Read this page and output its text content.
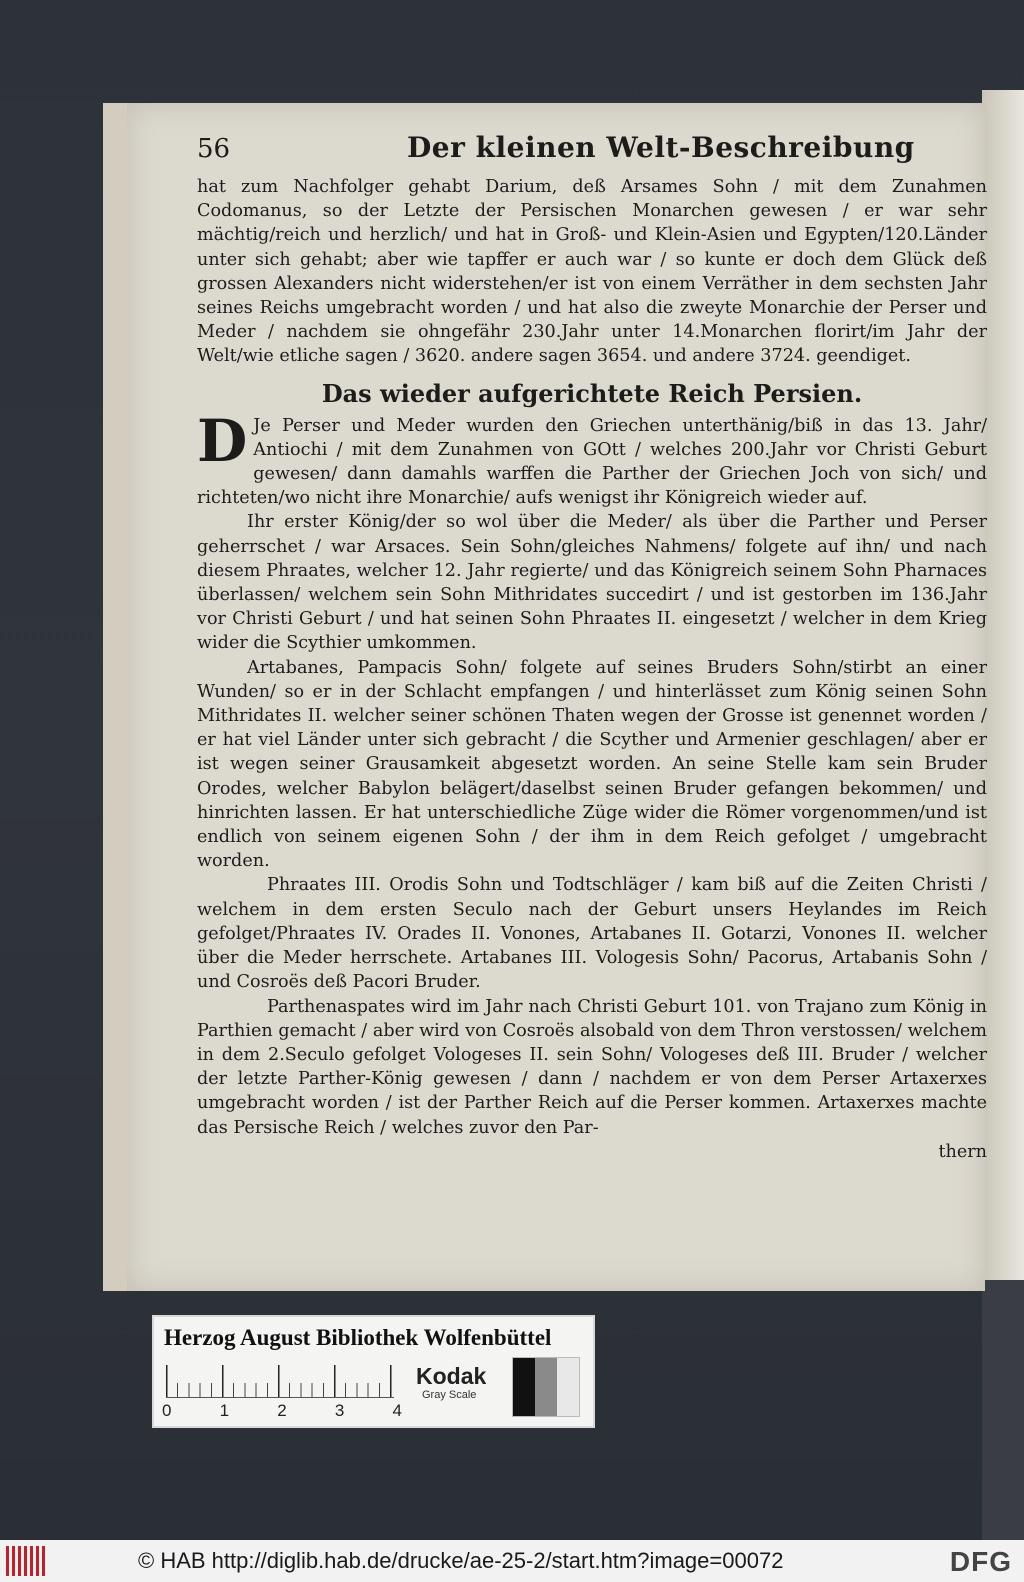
56	Der kleinen Welt-Beschreibung

hat zum Nachfolger gehabt Darium, deß Arsames Sohn / mit dem Zunahmen Codomanus, so der Letzte der Persischen Monarchen gewesen / er war sehr mächtig/reich und herzlich/ und hat in Groß- und Klein-Asien und Egypten/120.Länder unter sich gehabt; aber wie tapffer er auch war / so kunte er doch dem Glück deß grossen Alexanders nicht widerstehen/er ist von einem Verräther in dem sechsten Jahr seines Reichs umgebracht worden / und hat also die zweyte Monarchie der Perser und Meder / nachdem sie ohngefähr 230.Jahr unter 14.Monarchen florirt/im Jahr der Welt/wie etliche sagen / 3620. andere sagen 3654. und andere 3724. geendiget.

Das wieder aufgerichtete Reich Persien.

D Je Perser und Meder wurden den Griechen unterthänig/biß in das 13. Jahr/ Antiochi / mit dem Zunahmen von GOtt / welches 200.Jahr vor Christi Geburt gewesen/ dann damahls warffen die Parther der Griechen Joch von sich/ und richteten/wo nicht ihre Monarchie/ aufs wenigst ihr Königreich wieder auf.

Ihr erster König/der so wol über die Meder/ als über die Parther und Perser geherrschet / war Arsaces. Sein Sohn/gleiches Nahmens/ folgete auf ihn/ und nach diesem Phraates, welcher 12. Jahr regierte/ und das Königreich seinem Sohn Pharnaces überlassen/ welchem sein Sohn Mithridates succedirt / und ist gestorben im 136.Jahr vor Christi Geburt / und hat seinen Sohn Phraates II. eingesetzt / welcher in dem Krieg wider die Scythier umkommen.

Artabanes, Pampacis Sohn/ folgete auf seines Bruders Sohn/stirbt an einer Wunden/ so er in der Schlacht empfangen / und hinterlässet zum König seinen Sohn Mithridates II. welcher seiner schönen Thaten wegen der Grosse ist genennet worden / er hat viel Länder unter sich gebracht / die Scyther und Armenier geschlagen/ aber er ist wegen seiner Grausamkeit abgesetzt worden. An seine Stelle kam sein Bruder Orodes, welcher Babylon belägert/daselbst seinen Bruder gefangen bekommen/ und hinrichten lassen. Er hat unterschiedliche Züge wider die Römer vorgenommen/und ist endlich von seinem eigenen Sohn / der ihm in dem Reich gefolget / umgebracht worden.

Phraates III. Orodis Sohn und Todtschläger / kam biß auf die Zeiten Christi / welchem in dem ersten Seculo nach der Geburt unsers Heylandes im Reich gefolget/Phraates IV. Orades II. Vonones, Artabanes II. Gotarzi, Vonones II. welcher über die Meder herrschete. Artabanes III. Vologesis Sohn/ Pacorus, Artabanis Sohn / und Cosroës deß Pacori Bruder.

Parthenaspates wird im Jahr nach Christi Geburt 101. von Trajano zum König in Parthien gemacht / aber wird von Cosroës alsobald von dem Thron verstossen/ welchem in dem 2.Seculo gefolget Vologeses II. sein Sohn/ Vologeses deß III. Bruder / welcher der letzte Parther-König gewesen / dann / nachdem er von dem Perser Artaxerxes umgebracht worden / ist der Parther Reich auf die Perser kommen. Artaxerxes machte das Persische Reich / welches zuvor den Par-

thern

Herzog August Bibliothek Wolfenbüttel
0	1	2	3	4
Kodak
Gray Scale
© HAB http://diglib.hab.de/drucke/ae-25-2/start.htm?image=00072	DFG
